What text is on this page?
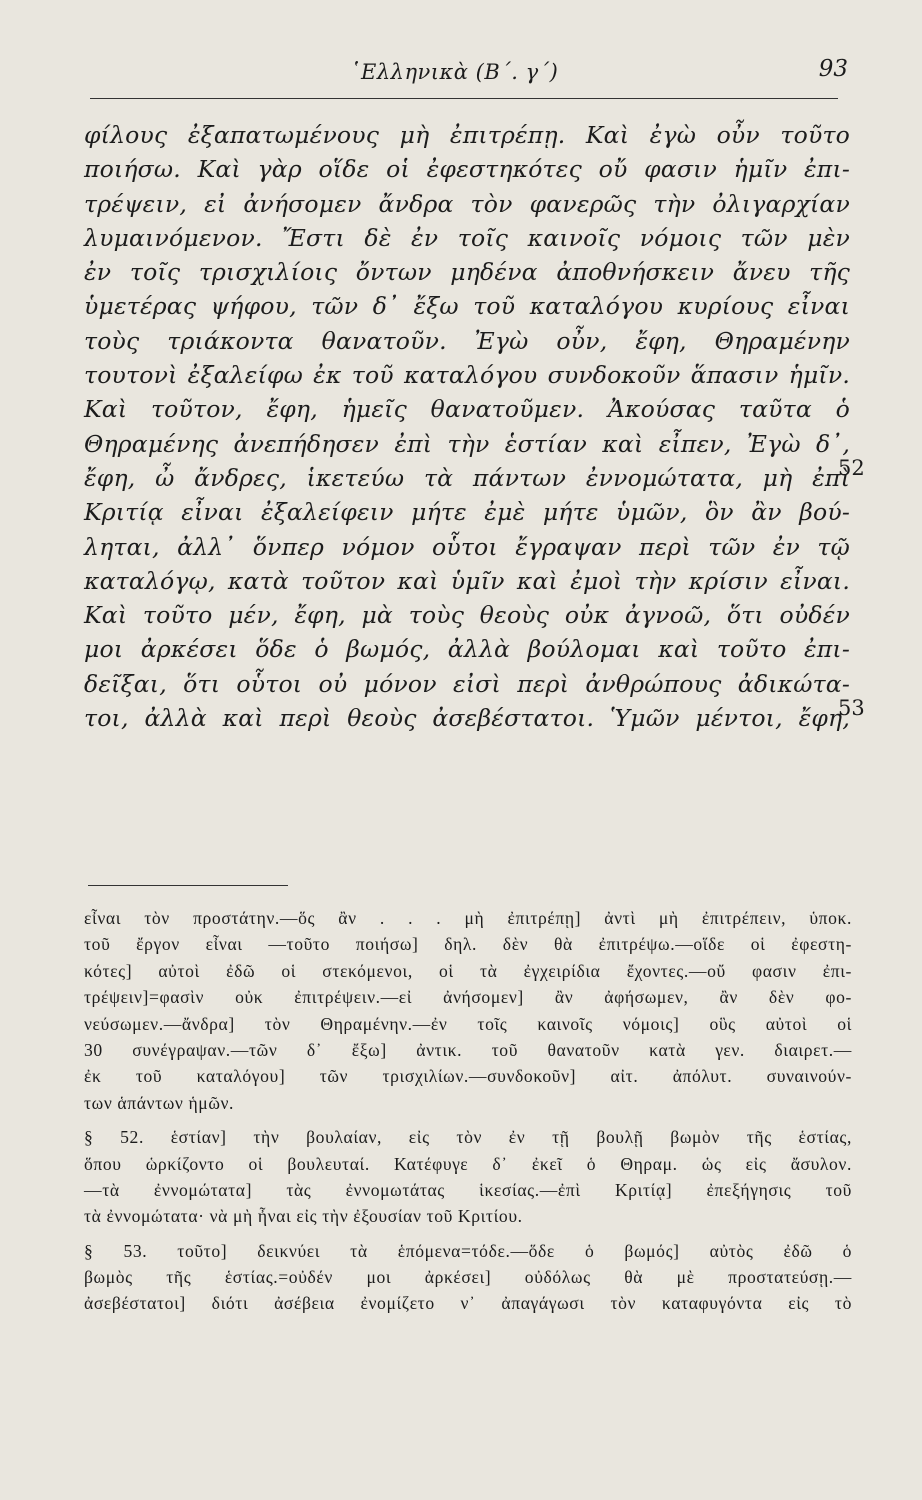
῾Ελληνικὰ (Β΄. γ΄)	93
φίλους ἐξαπατωμένους μὴ ἐπιτρέπῃ. Καὶ ἐγὼ οὖν τοῦτο
ποιήσω. Καὶ γὰρ οἵδε οἱ ἐφεστηκότες οὔ φασιν ἡμῖν ἐπι-
τρέψειν, εἰ ἀνήσομεν ἄνδρα τὸν φανερῶς τὴν ὀλιγαρχίαν
λυμαινόμενον. Ἔστι δὲ ἐν τοῖς καινοῖς νόμοις τῶν μὲν
ἐν τοῖς τρισχιλίοις ὄντων μηδένα ἀποθνήσκειν ἄνευ τῆς
ὑμετέρας ψήφου, τῶν δ᾿ ἔξω τοῦ καταλόγου κυρίους εἶναι
τοὺς τριάκοντα θανατοῦν. Ἐγὼ οὖν, ἔφη, Θηραμένην
τουτονὶ ἐξαλείφω ἐκ τοῦ καταλόγου συνδοκοῦν ἅπασιν ἡμῖν.
Καὶ τοῦτον, ἔφη, ἡμεῖς θανατοῦμεν. Ἀκούσας ταῦτα ὁ
Θηραμένης ἀνεπήδησεν ἐπὶ τὴν ἑστίαν καὶ εἶπεν, Ἐγὼ δ᾿,
ἔφη, ὦ ἄνδρες, ἱκετεύω τὰ πάντων ἐννομώτατα, μὴ ἐπὶ
Κριτίᾳ εἶναι ἐξαλείφειν μήτε ἐμὲ μήτε ὑμῶν, ὃν ἂν βού-
ληται, ἀλλ᾿ ὅνπερ νόμον οὗτοι ἔγραψαν περὶ τῶν ἐν τῷ
καταλόγῳ, κατὰ τοῦτον καὶ ὑμῖν καὶ ἐμοὶ τὴν κρίσιν εἶναι.
Καὶ τοῦτο μέν, ἔφη, μὰ τοὺς θεοὺς οὐκ ἀγνοῶ, ὅτι οὐδέν
μοι ἀρκέσει ὅδε ὁ βωμός, ἀλλὰ βούλομαι καὶ τοῦτο ἐπι-
δεῖξαι, ὅτι οὗτοι οὐ μόνον εἰσὶ περὶ ἀνθρώπους ἀδικώτα-
τοι, ἀλλὰ καὶ περὶ θεοὺς ἀσεβέστατοι. Ὑμῶν μέντοι, ἔφη,
52
53
εἶναι τὸν προστάτην.—ὅς ἂν . . . μὴ ἐπιτρέπῃ] ἀντὶ μὴ ἐπιτρέπειν, ὑποκ.
τοῦ ἔργον εἶναι —τοῦτο ποιήσω] δηλ. δὲν θὰ ἐπιτρέψω.—οἵδε οἱ ἐφεστη-
κότες] αὐτοὶ ἐδῶ οἱ στεκόμενοι, οἱ τὰ ἐγχειρίδια ἔχοντες.—οὔ φασιν ἐπι-
τρέψειν]=φασὶν οὐκ ἐπιτρέψειν.—εἰ ἀνήσομεν] ἂν ἀφήσωμεν, ἂν δὲν φο-
νεύσωμεν.—ἄνδρα] τὸν Θηραμένην.—ἐν τοῖς καινοῖς νόμοις] οὓς αὐτοὶ οἱ
30 συνέγραψαν.—τῶν δ᾿ ἔξω] ἀντικ. τοῦ θανατοῦν κατὰ γεν. διαιρετ.—
ἐκ τοῦ καταλόγου] τῶν τρισχιλίων.—συνδοκοῦν] αἰτ. ἀπόλυτ. συναινούν-
των ἁπάντων ἡμῶν.
§ 52. ἑστίαν] τὴν βουλαίαν, εἰς τὸν ἐν τῇ βουλῇ βωμὸν τῆς ἑστίας,
ὅπου ὡρκίζοντο οἱ βουλευταί. Κατέφυγε δ᾿ ἐκεῖ ὁ Θηραμ. ὡς εἰς ἄσυλον.
—τὰ ἐννομώτατα] τὰς ἐννομωτάτας ἱκεσίας.—ἐπὶ Κριτίᾳ] ἐπεξήγησις τοῦ
τὰ ἐννομώτατα· νὰ μὴ ἦναι εἰς τὴν ἐξουσίαν τοῦ Κριτίου.
§ 53. τοῦτο] δεικνύει τὰ ἑπόμενα=τόδε.—ὅδε ὁ βωμός] αὐτὸς ἐδῶ ὁ
βωμὸς τῆς ἑστίας.=οὐδέν μοι ἀρκέσει] οὐδόλως θὰ μὲ προστατεύσῃ.—
ἀσεβέστατοι] διότι ἀσέβεια ἐνομίζετο ν᾿ ἀπαγάγωσι τὸν καταφυγόντα εἰς τὸ
